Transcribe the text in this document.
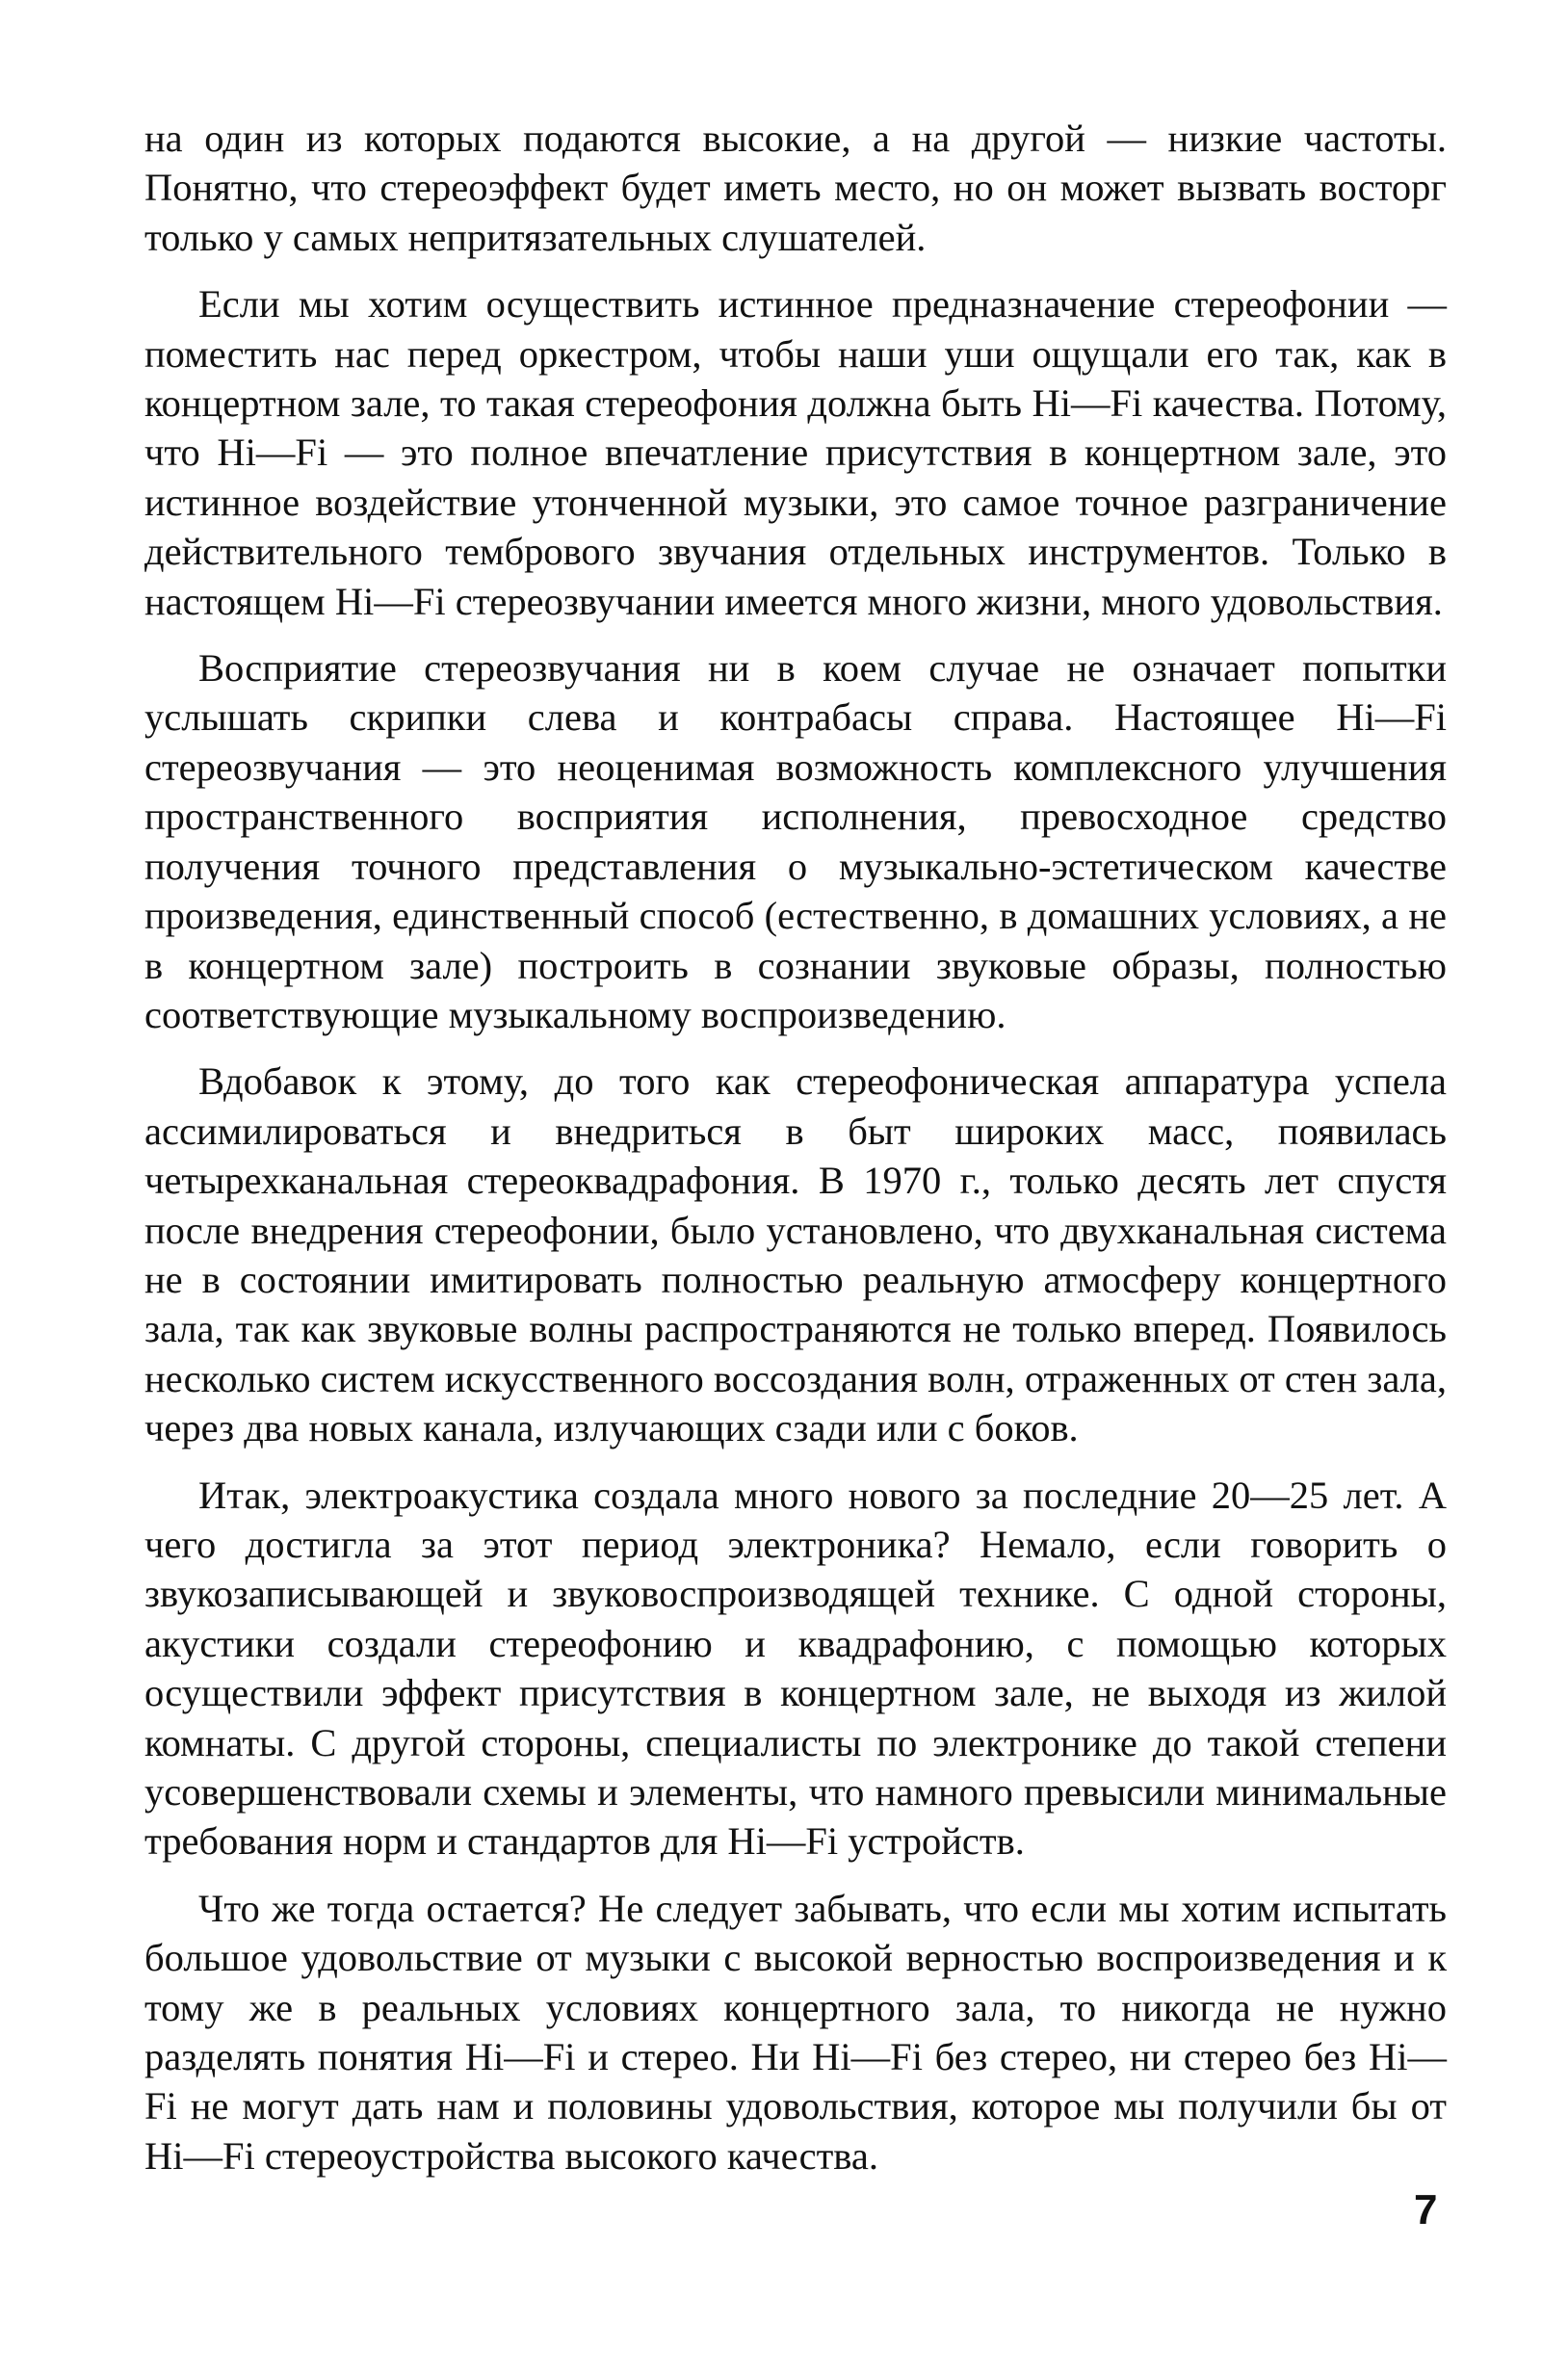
на один из которых подаются высокие, а на другой — низкие частоты. Понятно, что стереоэффект будет иметь место, но он может вызвать восторг только у самых непритязательных слушателей.

Если мы хотим осуществить истинное предназначение стереофонии — поместить нас перед оркестром, чтобы наши уши ощущали его так, как в концертном зале, то такая стереофония должна быть Hi—Fi качества. Потому, что Hi—Fi — это полное впечатление присутствия в концертном зале, это истинное воздействие утонченной музыки, это самое точное разграничение действительного тембрового звучания отдельных инструментов. Только в настоящем Hi—Fi стереозвучании имеется много жизни, много удовольствия.

Восприятие стереозвучания ни в коем случае не означает попытки услышать скрипки слева и контрабасы справа. Настоящее Hi—Fi стереозвучания — это неоценимая возможность комплексного улучшения пространственного восприятия исполнения, превосходное средство получения точного представления о музыкально-эстетическом качестве произведения, единственный способ (естественно, в домашних условиях, а не в концертном зале) построить в сознании звуковые образы, полностью соответствующие музыкальному воспроизведению.

Вдобавок к этому, до того как стереофоническая аппаратура успела ассимилироваться и внедриться в быт широких масс, появилась четырехканальная стереоквадрафония. В 1970 г., только десять лет спустя после внедрения стереофонии, было установлено, что двухканальная система не в состоянии имитировать полностью реальную атмосферу концертного зала, так как звуковые волны распространяются не только вперед. Появилось несколько систем искусственного воссоздания волн, отраженных от стен зала, через два новых канала, излучающих сзади или с боков.

Итак, электроакустика создала много нового за последние 20—25 лет. А чего достигла за этот период электроника? Немало, если говорить о звукозаписывающей и звуковоспроизводящей технике. С одной стороны, акустики создали стереофонию и квадрафонию, с помощью которых осуществили эффект присутствия в концертном зале, не выходя из жилой комнаты. С другой стороны, специалисты по электронике до такой степени усовершенствовали схемы и элементы, что намного превысили минимальные требования норм и стандартов для Hi—Fi устройств.

Что же тогда остается? Не следует забывать, что если мы хотим испытать большое удовольствие от музыки с высокой верностью воспроизведения и к тому же в реальных условиях концертного зала, то никогда не нужно разделять понятия Hi—Fi и стерео. Ни Hi—Fi без стерео, ни стерео без Hi—Fi не могут дать нам и половины удовольствия, которое мы получили бы от Hi—Fi стереоустройства высокого качества.

7
